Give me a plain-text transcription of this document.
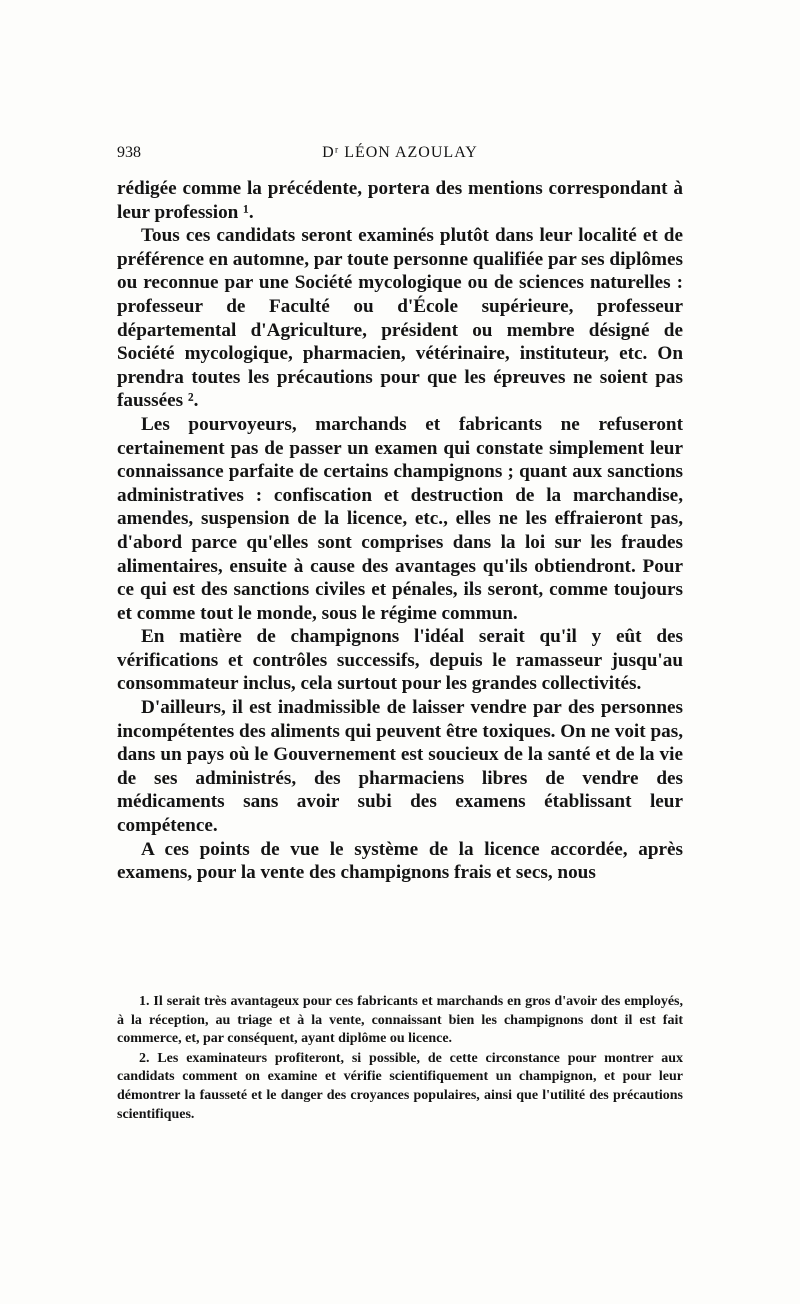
938	Dʳ LÉON AZOULAY

rédigée comme la précédente, portera des mentions correspondant à leur profession ¹.

Tous ces candidats seront examinés plutôt dans leur localité et de préférence en automne, par toute personne qualifiée par ses diplômes ou reconnue par une Société mycologique ou de sciences naturelles : professeur de Faculté ou d'École supérieure, professeur départemental d'Agriculture, président ou membre désigné de Société mycologique, pharmacien, vétérinaire, instituteur, etc. On prendra toutes les précautions pour que les épreuves ne soient pas faussées ².

Les pourvoyeurs, marchands et fabricants ne refuseront certainement pas de passer un examen qui constate simplement leur connaissance parfaite de certains champignons ; quant aux sanctions administratives : confiscation et destruction de la marchandise, amendes, suspension de la licence, etc., elles ne les effraieront pas, d'abord parce qu'elles sont comprises dans la loi sur les fraudes alimentaires, ensuite à cause des avantages qu'ils obtiendront. Pour ce qui est des sanctions civiles et pénales, ils seront, comme toujours et comme tout le monde, sous le régime commun.

En matière de champignons l'idéal serait qu'il y eût des vérifications et contrôles successifs, depuis le ramasseur jusqu'au consommateur inclus, cela surtout pour les grandes collectivités.

D'ailleurs, il est inadmissible de laisser vendre par des personnes incompétentes des aliments qui peuvent être toxiques. On ne voit pas, dans un pays où le Gouvernement est soucieux de la santé et de la vie de ses administrés, des pharmaciens libres de vendre des médicaments sans avoir subi des examens établissant leur compétence.

A ces points de vue le système de la licence accordée, après examens, pour la vente des champignons frais et secs, nous

1. Il serait très avantageux pour ces fabricants et marchands en gros d'avoir des employés, à la réception, au triage et à la vente, connaissant bien les champignons dont il est fait commerce, et, par conséquent, ayant diplôme ou licence.

2. Les examinateurs profiteront, si possible, de cette circonstance pour montrer aux candidats comment on examine et vérifie scientifiquement un champignon, et pour leur démontrer la fausseté et le danger des croyances populaires, ainsi que l'utilité des précautions scientifiques.
